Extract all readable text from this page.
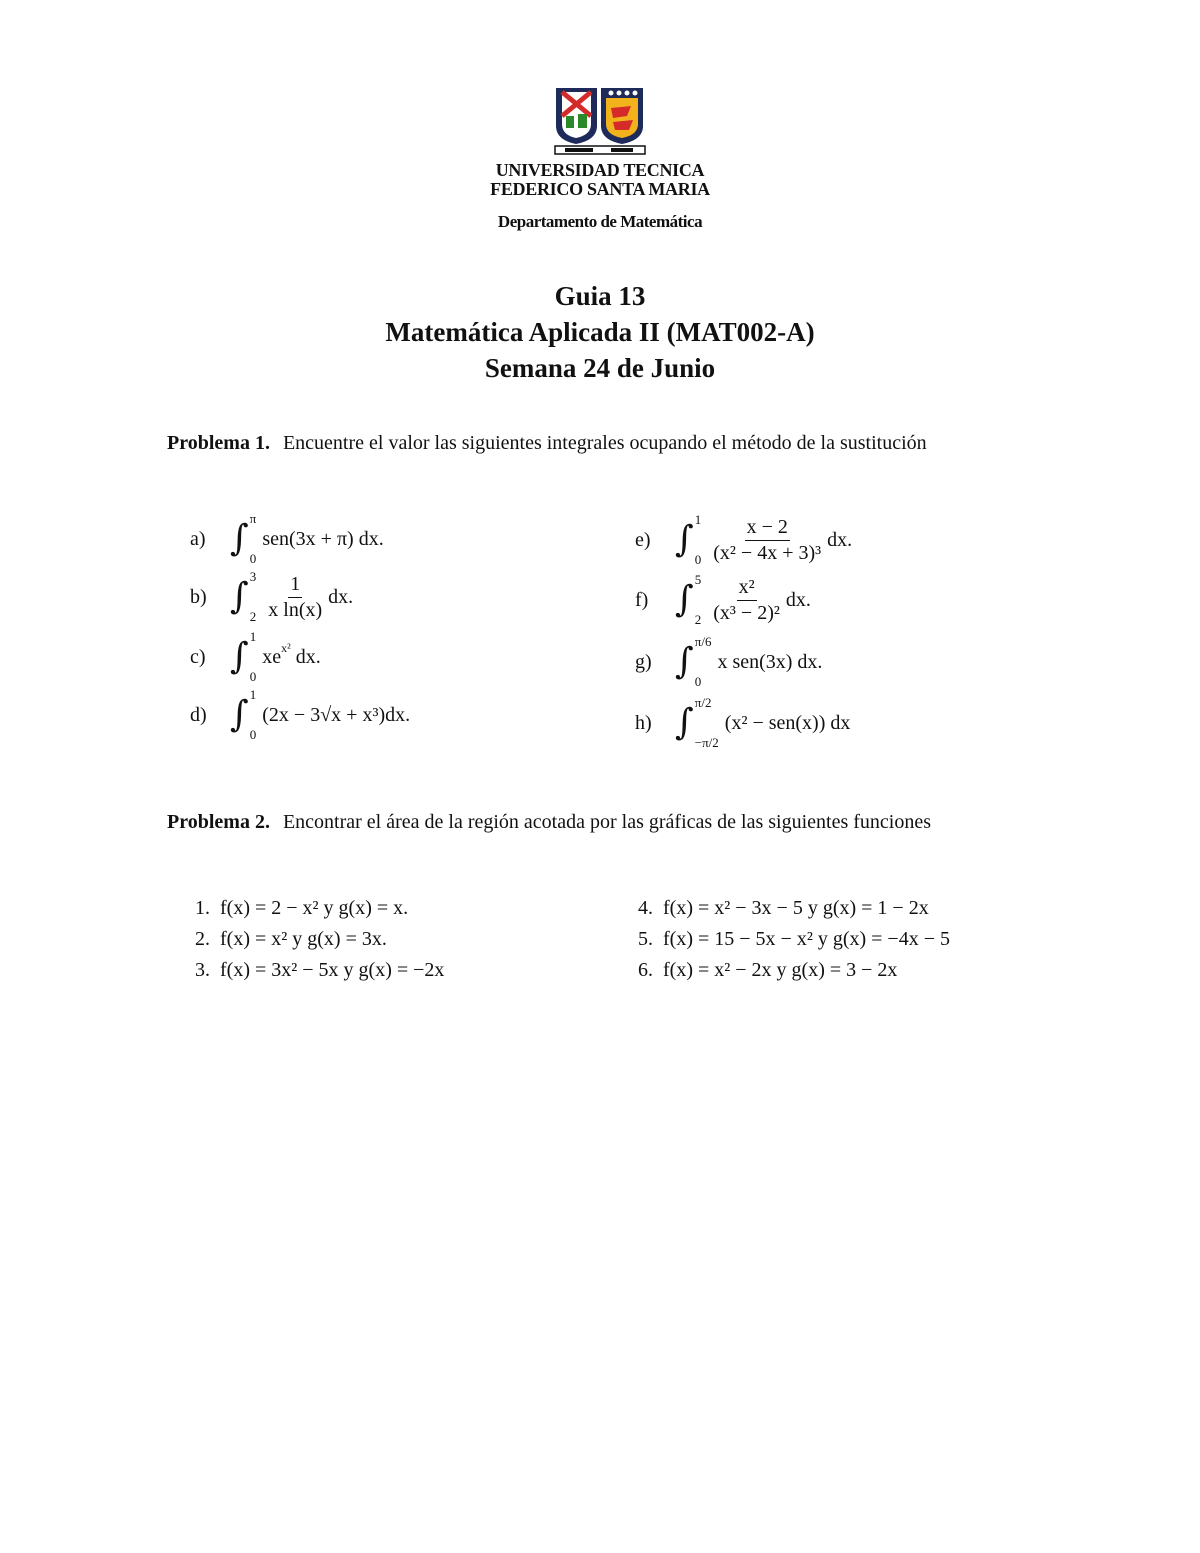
UNIVERSIDAD TECNICA
FEDERICO SANTA MARIA
Departamento de Matemática
Guia 13
Matemática Aplicada II (MAT002-A)
Semana 24 de Junio
Problema 1. Encuentre el valor las siguientes integrales ocupando el método de la sustitución
a) ∫ π
0
sen(3x + π) dx.
b) ∫ 3
$2 \frac{1}{\text{x ln(x)}}$ dx.
c) ∫ 1
0
xe x² dx.
d) ∫ 1
0
(2x − 3√x + x³)dx.
e) ∫ 1
$0 \frac{x - 2}{\text{(x² − 4x + 3)³}}$ dx.
f) ∫ 5
$2 \frac{\text{x²}}{\text{(x³ − 2)²}}$ dx.
g) ∫ π/6
0
x sen(3x) dx.
h) ∫ π/2
−π/2
(x² − sen(x)) dx
Problema 2. Encontrar el área de la región acotada por las gráficas de las siguientes funciones
1.  f(x) = 2 − x² y g(x) = x.
2.  f(x) = x² y g(x) = 3x.
3.  f(x) = 3x² − 5x y g(x) = −2x
4.  f(x) = x² − 3x − 5 y g(x) = 1 − 2x
5.  f(x) = 15 − 5x − x² y g(x) = −4x − 5
6.  f(x) = x² − 2x y g(x) = 3 − 2x
